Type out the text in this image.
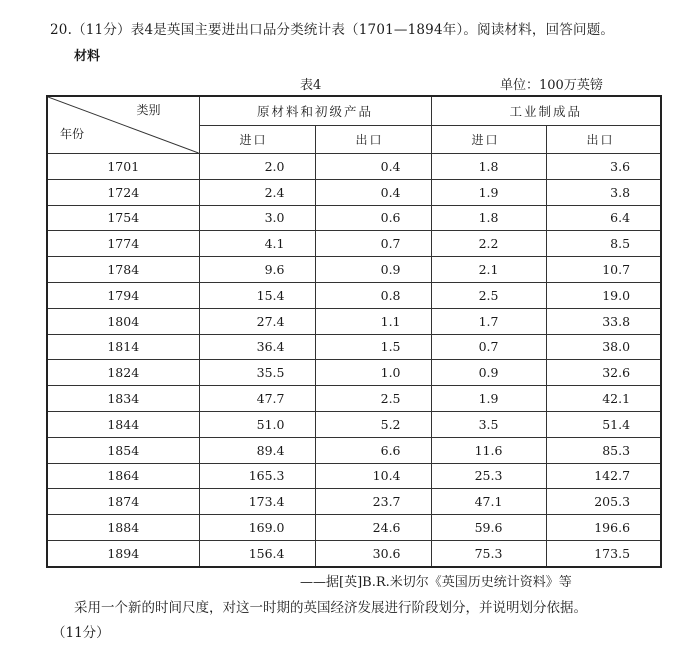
20.（11分）表4是英国主要进出口品分类统计表（1701—1894年）。阅读材料，回答问题。
材料
表4	单位：100万英镑
类别
年份	原材料和初级产品		工业制成品	
	进口	出口	进口	出口
1701	2.0	0.4	1.8	3.6
1724	2.4	0.4	1.9	3.8
1754	3.0	0.6	1.8	6.4
1774	4.1	0.7	2.2	8.5
1784	9.6	0.9	2.1	10.7
1794	15.4	0.8	2.5	19.0
1804	27.4	1.1	1.7	33.8
1814	36.4	1.5	0.7	38.0
1824	35.5	1.0	0.9	32.6
1834	47.7	2.5	1.9	42.1
1844	51.0	5.2	3.5	51.4
1854	89.4	6.6	11.6	85.3
1864	165.3	10.4	25.3	142.7
1874	173.4	23.7	47.1	205.3
1884	169.0	24.6	59.6	196.6
1894	156.4	30.6	75.3	173.5
——据[英]B.R.米切尔《英国历史统计资料》等
采用一个新的时间尺度，对这一时期的英国经济发展进行阶段划分，并说明划分依据。
（11分）
